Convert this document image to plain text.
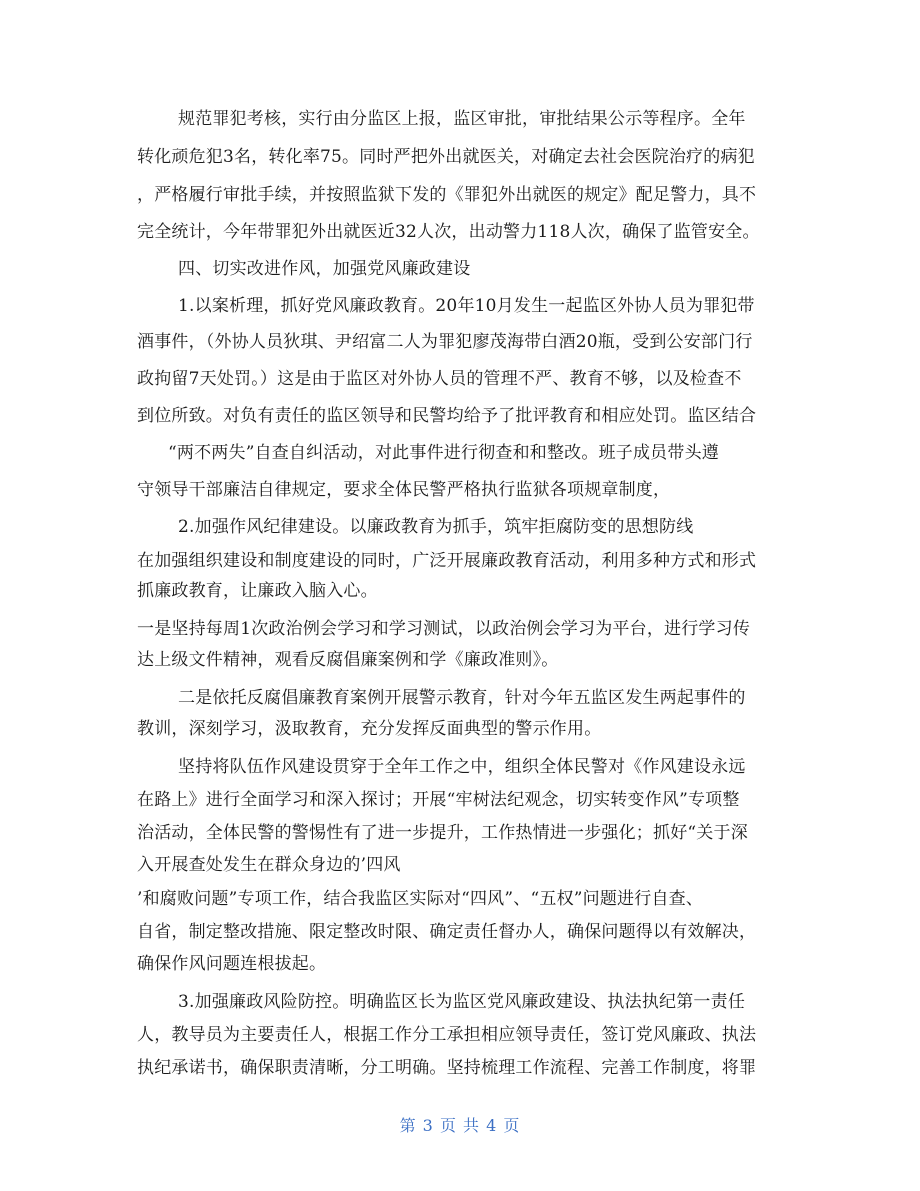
规范罪犯考核，实行由分监区上报，监区审批，审批结果公示等程序。全年
转化顽危犯3名，转化率75。同时严把外出就医关，对确定去社会医院治疗的病犯
，严格履行审批手续，并按照监狱下发的《罪犯外出就医的规定》配足警力，具不
完全统计，今年带罪犯外出就医近32人次，出动警力118人次，确保了监管安全。
四、切实改进作风，加强党风廉政建设
1.以案析理，抓好党风廉政教育。20年10月发生一起监区外协人员为罪犯带
酒事件，（外协人员狄琪、尹绍富二人为罪犯廖茂海带白酒20瓶，受到公安部门行
政拘留7天处罚。）这是由于监区对外协人员的管理不严、教育不够，以及检查不
到位所致。对负有责任的监区领导和民警均给予了批评教育和相应处罚。监区结合
“两不两失”自查自纠活动，对此事件进行彻查和和整改。班子成员带头遵
守领导干部廉洁自律规定，要求全体民警严格执行监狱各项规章制度，
2.加强作风纪律建设。以廉政教育为抓手，筑牢拒腐防变的思想防线
在加强组织建设和制度建设的同时，广泛开展廉政教育活动，利用多种方式和形式
抓廉政教育，让廉政入脑入心。
一是坚持每周1次政治例会学习和学习测试，以政治例会学习为平台，进行学习传
达上级文件精神，观看反腐倡廉案例和学《廉政准则》。
二是依托反腐倡廉教育案例开展警示教育，针对今年五监区发生两起事件的
教训，深刻学习，汲取教育，充分发挥反面典型的警示作用。
坚持将队伍作风建设贯穿于全年工作之中，组织全体民警对《作风建设永远
在路上》进行全面学习和深入探讨；开展“牢树法纪观念，切实转变作风”专项整
治活动，全体民警的警惕性有了进一步提升，工作热情进一步强化；抓好“关于深
入开展查处发生在群众身边的’四风
’和腐败问题”专项工作，结合我监区实际对“四风”、“五权”问题进行自查、
自省，制定整改措施、限定整改时限、确定责任督办人，确保问题得以有效解决，
确保作风问题连根拔起。
3.加强廉政风险防控。明确监区长为监区党风廉政建设、执法执纪第一责任
人，教导员为主要责任人，根据工作分工承担相应领导责任，签订党风廉政、执法
执纪承诺书，确保职责清晰，分工明确。坚持梳理工作流程、完善工作制度，将罪
第 3 页 共 4 页
